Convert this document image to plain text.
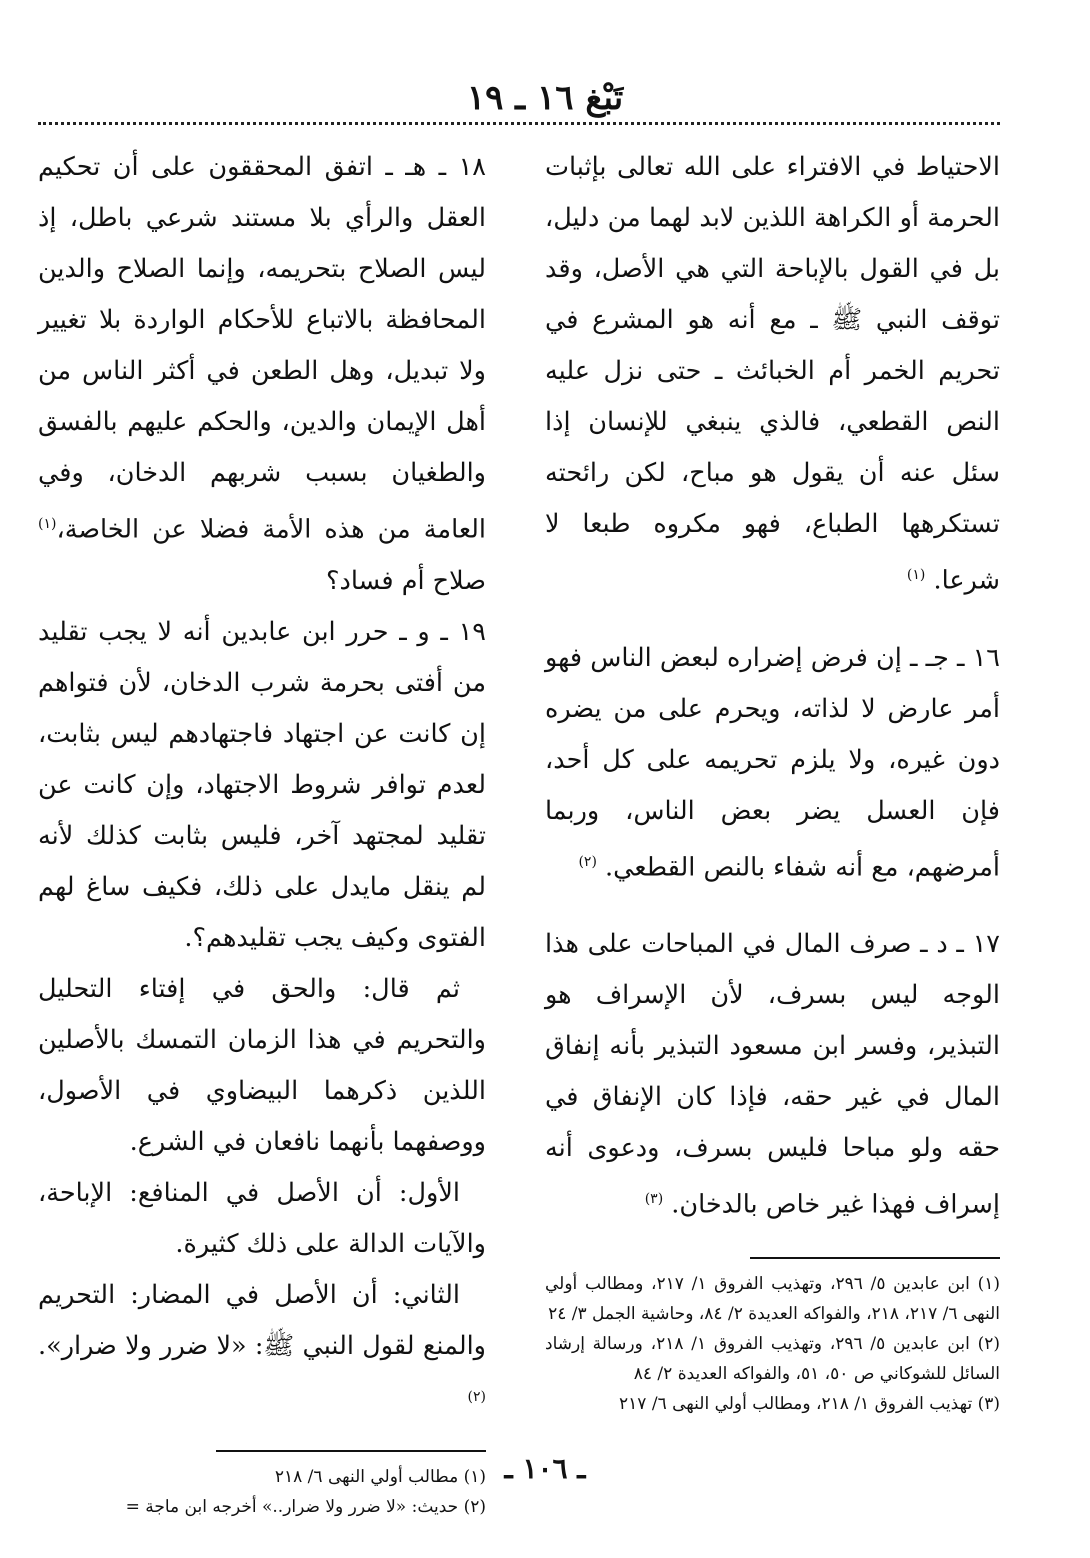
تَبْغ ١٦ ـ ١٩

الاحتياط في الافتراء على الله تعالى بإثبات الحرمة أو الكراهة اللذين لابد لهما من دليل، بل في القول بالإباحة التي هي الأصل، وقد توقف النبي ﷺ ـ مع أنه هو المشرع في تحريم الخمر أم الخبائث ـ حتى نزل عليه النص القطعي، فالذي ينبغي للإنسان إذا سئل عنه أن يقول هو مباح، لكن رائحته تستكرهها الطباع، فهو مكروه طبعا لا شرعا. $^{(١)}$

١٦ ـ جـ ـ إن فرض إضراره لبعض الناس فهو أمر عارض لا لذاته، ويحرم على من يضره دون غيره، ولا يلزم تحريمه على كل أحد، فإن العسل يضر بعض الناس، وربما أمرضهم، مع أنه شفاء بالنص القطعي. $^{(٢)}$

١٧ ـ د ـ صرف المال في المباحات على هذا الوجه ليس بسرف، لأن الإسراف هو التبذير، وفسر ابن مسعود التبذير بأنه إنفاق المال في غير حقه، فإذا كان الإنفاق في حقه ولو مباحا فليس بسرف، ودعوى أنه إسراف فهذا غير خاص بالدخان. $^{(٣)}$

(١) ابن عابدين ٥/ ٢٩٦، وتهذيب الفروق ١/ ٢١٧، ومطالب أولي النهى ٦/ ٢١٧، ٢١٨، والفواكه العديدة ٢/ ٨٤، وحاشية الجمل ٣/ ٢٤

(٢) ابن عابدين ٥/ ٢٩٦، وتهذيب الفروق ١/ ٢١٨، ورسالة إرشاد السائل للشوكاني ص ٥٠، ٥١، والفواكه العديدة ٢/ ٨٤

(٣) تهذيب الفروق ١/ ٢١٨، ومطالب أولي النهى ٦/ ٢١٧

١٨ ـ هـ ـ اتفق المحققون على أن تحكيم العقل والرأي بلا مستند شرعي باطل، إذ ليس الصلاح بتحريمه، وإنما الصلاح والدين المحافظة بالاتباع للأحكام الواردة بلا تغيير ولا تبديل، وهل الطعن في أكثر الناس من أهل الإيمان والدين، والحكم عليهم بالفسق والطغيان بسبب شربهم الدخان، وفي العامة من هذه الأمة فضلا عن الخاصة،$^{(١)}$ صلاح أم فساد؟

١٩ ـ و ـ حرر ابن عابدين أنه لا يجب تقليد من أفتى بحرمة شرب الدخان، لأن فتواهم إن كانت عن اجتهاد فاجتهادهم ليس بثابت، لعدم توافر شروط الاجتهاد، وإن كانت عن تقليد لمجتهد آخر، فليس بثابت كذلك لأنه لم ينقل مايدل على ذلك، فكيف ساغ لهم الفتوى وكيف يجب تقليدهم؟.

ثم قال: والحق في إفتاء التحليل والتحريم في هذا الزمان التمسك بالأصلين اللذين ذكرهما البيضاوي في الأصول، ووصفهما بأنهما نافعان في الشرع.

الأول: أن الأصل في المنافع: الإباحة، والآيات الدالة على ذلك كثيرة.

الثاني: أن الأصل في المضار: التحريم والمنع لقول النبي ﷺ: «لا ضرر ولا ضرار». $^{(٢)}$

(١) مطالب أولي النهى ٦/ ٢١٨

(٢) حديث: «لا ضرر ولا ضرار..» أخرجه ابن ماجة =

ـ ١٠٦ ـ
